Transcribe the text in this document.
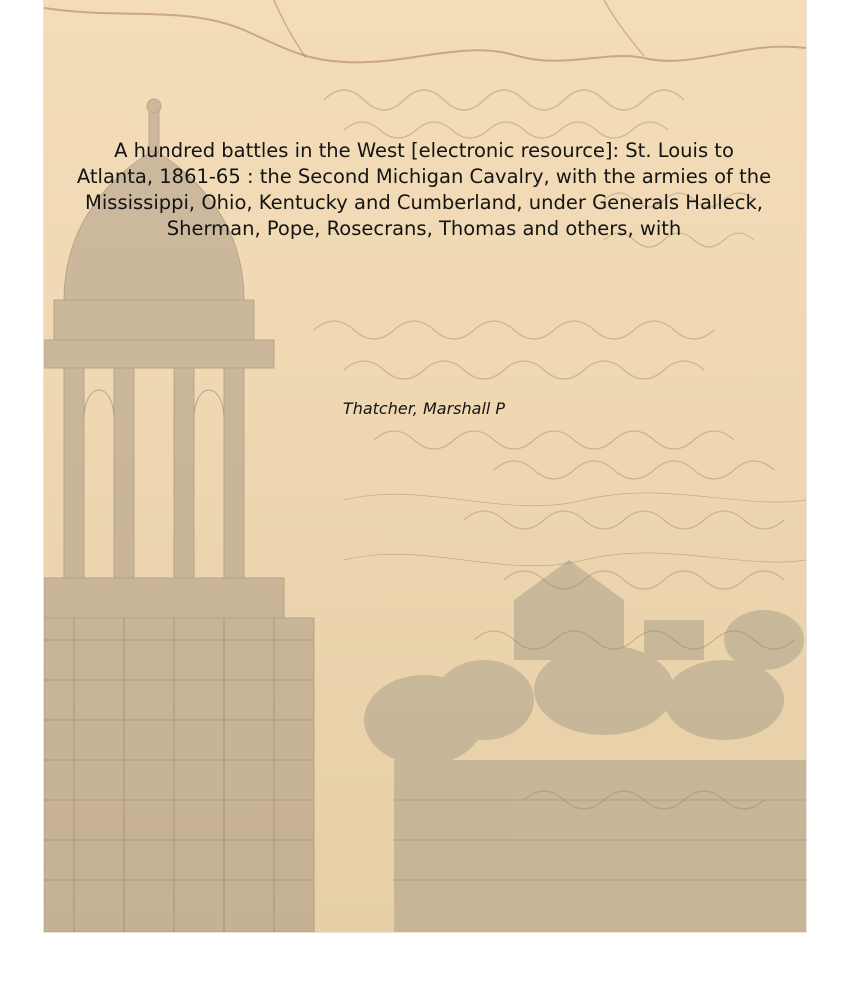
A hundred battles in the West [electronic resource]: St. Louis to Atlanta, 1861-65 : the Second Michigan Cavalry, with the armies of the Mississippi, Ohio, Kentucky and Cumberland, under Generals Halleck, Sherman, Pope, Rosecrans, Thomas and others, with
Thatcher, Marshall P
